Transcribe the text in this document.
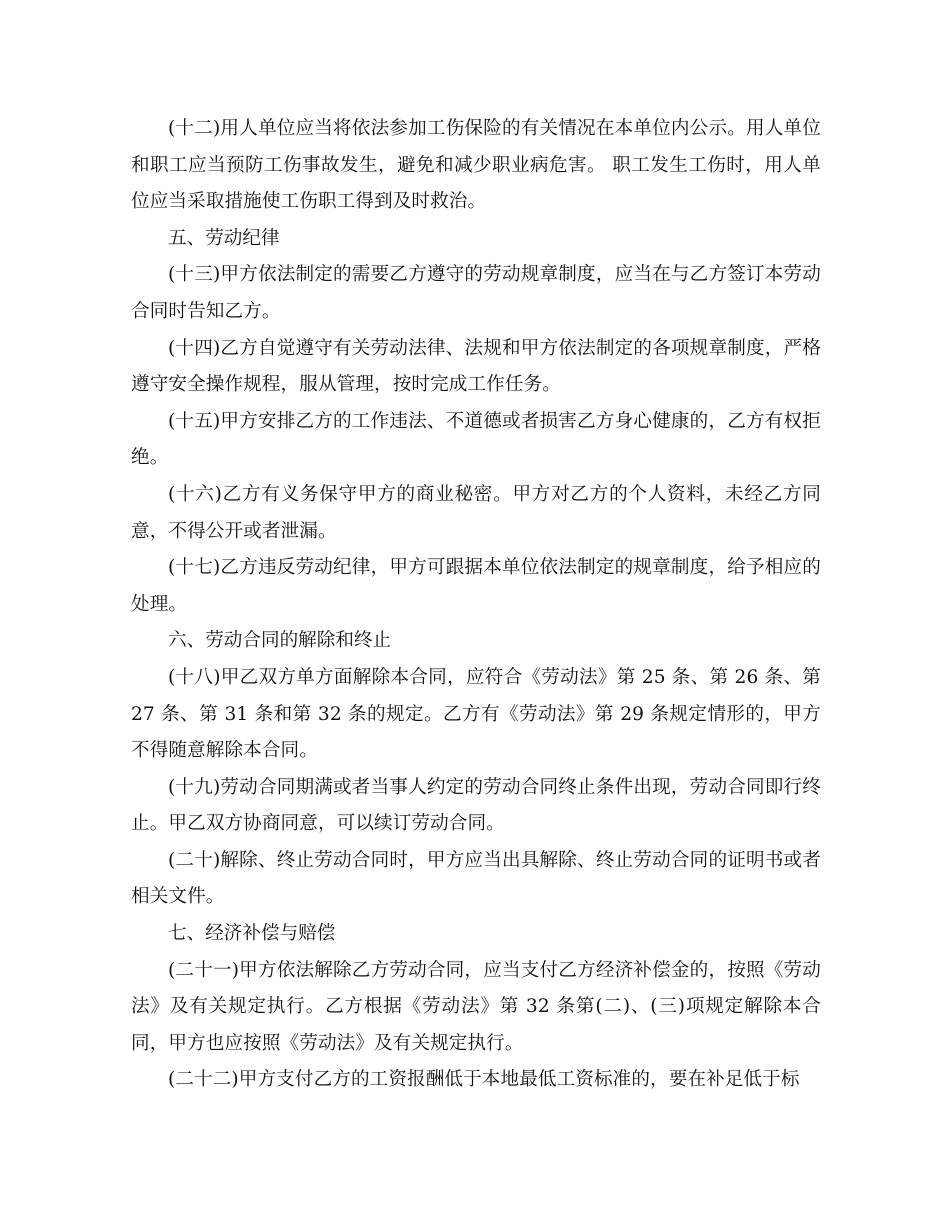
(十二)用人单位应当将依法参加工伤保险的有关情况在本单位内公示。用人单位和职工应当预防工伤事故发生，避免和减少职业病危害。 职工发生工伤时，用人单位应当采取措施使工伤职工得到及时救治。

五、劳动纪律

(十三)甲方依法制定的需要乙方遵守的劳动规章制度，应当在与乙方签订本劳动合同时告知乙方。

(十四)乙方自觉遵守有关劳动法律、法规和甲方依法制定的各项规章制度，严格遵守安全操作规程，服从管理，按时完成工作任务。

(十五)甲方安排乙方的工作违法、不道德或者损害乙方身心健康的，乙方有权拒绝。

(十六)乙方有义务保守甲方的商业秘密。甲方对乙方的个人资料，未经乙方同意，不得公开或者泄漏。

(十七)乙方违反劳动纪律，甲方可跟据本单位依法制定的规章制度，给予相应的处理。

六、劳动合同的解除和终止

(十八)甲乙双方单方面解除本合同，应符合《劳动法》第 25 条、第 26 条、第 27 条、第 31 条和第 32 条的规定。乙方有《劳动法》第 29 条规定情形的，甲方不得随意解除本合同。

(十九)劳动合同期满或者当事人约定的劳动合同终止条件出现，劳动合同即行终止。甲乙双方协商同意，可以续订劳动合同。

(二十)解除、终止劳动合同时，甲方应当出具解除、终止劳动合同的证明书或者相关文件。

七、经济补偿与赔偿

(二十一)甲方依法解除乙方劳动合同，应当支付乙方经济补偿金的，按照《劳动法》及有关规定执行。乙方根据《劳动法》第 32 条第(二)、(三)项规定解除本合同，甲方也应按照《劳动法》及有关规定执行。

(二十二)甲方支付乙方的工资报酬低于本地最低工资标准的，要在补足低于标
